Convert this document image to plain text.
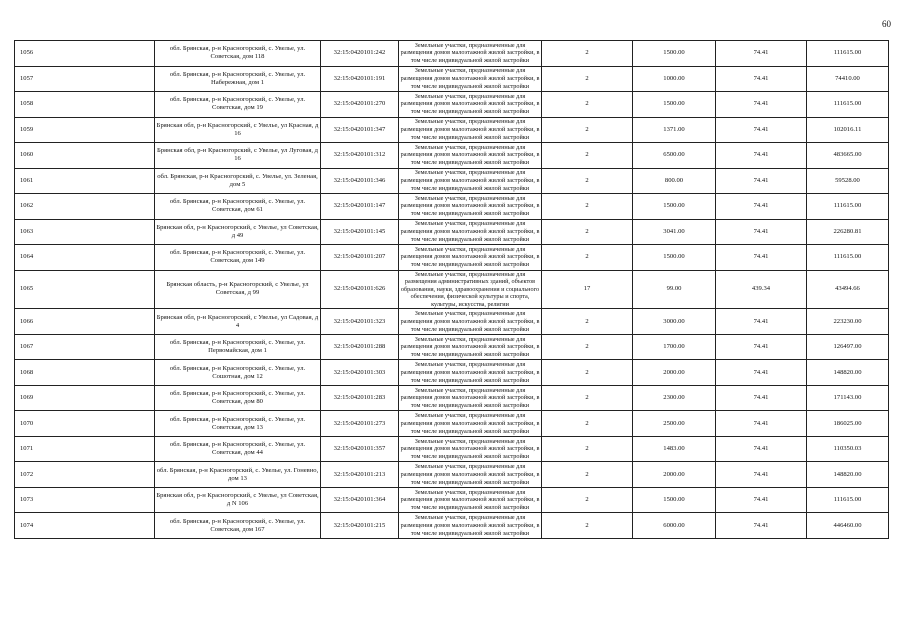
60
1056	обл. Брянская, р-н Красногорский, с. Увелье, ул. Советская, дом 118	32:15:0420101:242	Земельные участки, предназначенные для размещения домов малоэтажной жилой застройки, в том числе индивидуальной жилой застройки	2	1500.00	74.41	111615.00
1057	обл. Брянская, р-н Красногорский, с. Увелье, ул. Набережная, дом 1	32:15:0420101:191	Земельные участки, предназначенные для размещения домов малоэтажной жилой застройки, в том числе индивидуальной жилой застройки	2	1000.00	74.41	74410.00
1058	обл. Брянская, р-н Красногорский, с. Увелье, ул. Советская, дом 19	32:15:0420101:270	Земельные участки, предназначенные для размещения домов малоэтажной жилой застройки, в том числе индивидуальной жилой застройки	2	1500.00	74.41	111615.00
1059	Брянская обл, р-н Красногорский, с Увелье, ул Красная, д 16	32:15:0420101:347	Земельные участки, предназначенные для размещения домов малоэтажной жилой застройки, в том числе индивидуальной жилой застройки	2	1371.00	74.41	102016.11
1060	Брянская обл, р-н Красногорский, с Увелье, ул Луговая, д 16	32:15:0420101:312	Земельные участки, предназначенные для размещения домов малоэтажной жилой застройки, в том числе индивидуальной жилой застройки	2	6500.00	74.41	483665.00
1061	обл. Брянская, р-н Красногорский, с. Увелье, ул. Зеленая, дом 5	32:15:0420101:346	Земельные участки, предназначенные для размещения домов малоэтажной жилой застройки, в том числе индивидуальной жилой застройки	2	800.00	74.41	59528.00
1062	обл. Брянская, р-н Красногорский, с. Увелье, ул. Советская, дом 61	32:15:0420101:147	Земельные участки, предназначенные для размещения домов малоэтажной жилой застройки, в том числе индивидуальной жилой застройки	2	1500.00	74.41	111615.00
1063	Брянская обл, р-н Красногорский, с Увелье, ул Советская, д 49	32:15:0420101:145	Земельные участки, предназначенные для размещения домов малоэтажной жилой застройки, в том числе индивидуальной жилой застройки	2	3041.00	74.41	226280.81
1064	обл. Брянская, р-н Красногорский, с. Увелье, ул. Советская, дом 149	32:15:0420101:207	Земельные участки, предназначенные для размещения домов малоэтажной жилой застройки, в том числе индивидуальной жилой застройки	2	1500.00	74.41	111615.00
1065	Брянская область, р-н Красногорский, с Увелье, ул Советская, д 99	32:15:0420101:626	Земельные участки, предназначенные для размещения административных зданий, объектов образования, науки, здравоохранения и социального обеспечения, физической культуры и спорта, культуры, искусства, религии	17	99.00	439.34	43494.66
1066	Брянская обл, р-н Красногорский, с Увелье, ул Садовая, д 4	32:15:0420101:323	Земельные участки, предназначенные для размещения домов малоэтажной жилой застройки, в том числе индивидуальной жилой застройки	2	3000.00	74.41	223230.00
1067	обл. Брянская, р-н Красногорский, с. Увелье, ул. Первомайская, дом 1	32:15:0420101:288	Земельные участки, предназначенные для размещения домов малоэтажной жилой застройки, в том числе индивидуальной жилой застройки	2	1700.00	74.41	126497.00
1068	обл. Брянская, р-н Красногорский, с. Увелье, ул. Сошотная, дом 12	32:15:0420101:303	Земельные участки, предназначенные для размещения домов малоэтажной жилой застройки, в том числе индивидуальной жилой застройки	2	2000.00	74.41	148820.00
1069	обл. Брянская, р-н Красногорский, с. Увелье, ул. Советская, дом 80	32:15:0420101:283	Земельные участки, предназначенные для размещения домов малоэтажной жилой застройки, в том числе индивидуальной жилой застройки	2	2300.00	74.41	171143.00
1070	обл. Брянская, р-н Красногорский, с. Увелье, ул. Советская, дом 13	32:15:0420101:273	Земельные участки, предназначенные для размещения домов малоэтажной жилой застройки, в том числе индивидуальной жилой застройки	2	2500.00	74.41	186025.00
1071	обл. Брянская, р-н Красногорский, с. Увелье, ул. Советская, дом 44	32:15:0420101:357	Земельные участки, предназначенные для размещения домов малоэтажной жилой застройки, в том числе индивидуальной жилой застройки	2	1483.00	74.41	110350.03
1072	обл. Брянская, р-н Красногорский, с. Увелье, ул. Гоневно, дом 13	32:15:0420101:213	Земельные участки, предназначенные для размещения домов малоэтажной жилой застройки, в том числе индивидуальной жилой застройки	2	2000.00	74.41	148820.00
1073	Брянская обл, р-н Красногорский, с Увелье, ул Советская, д N 106	32:15:0420101:364	Земельные участки, предназначенные для размещения домов малоэтажной жилой застройки, в том числе индивидуальной жилой застройки	2	1500.00	74.41	111615.00
1074	обл. Брянская, р-н Красногорский, с. Увелье, ул. Советская, дом 167	32:15:0420101:215	Земельные участки, предназначенные для размещения домов малоэтажной жилой застройки, в том числе индивидуальной жилой застройки	2	6000.00	74.41	446460.00
